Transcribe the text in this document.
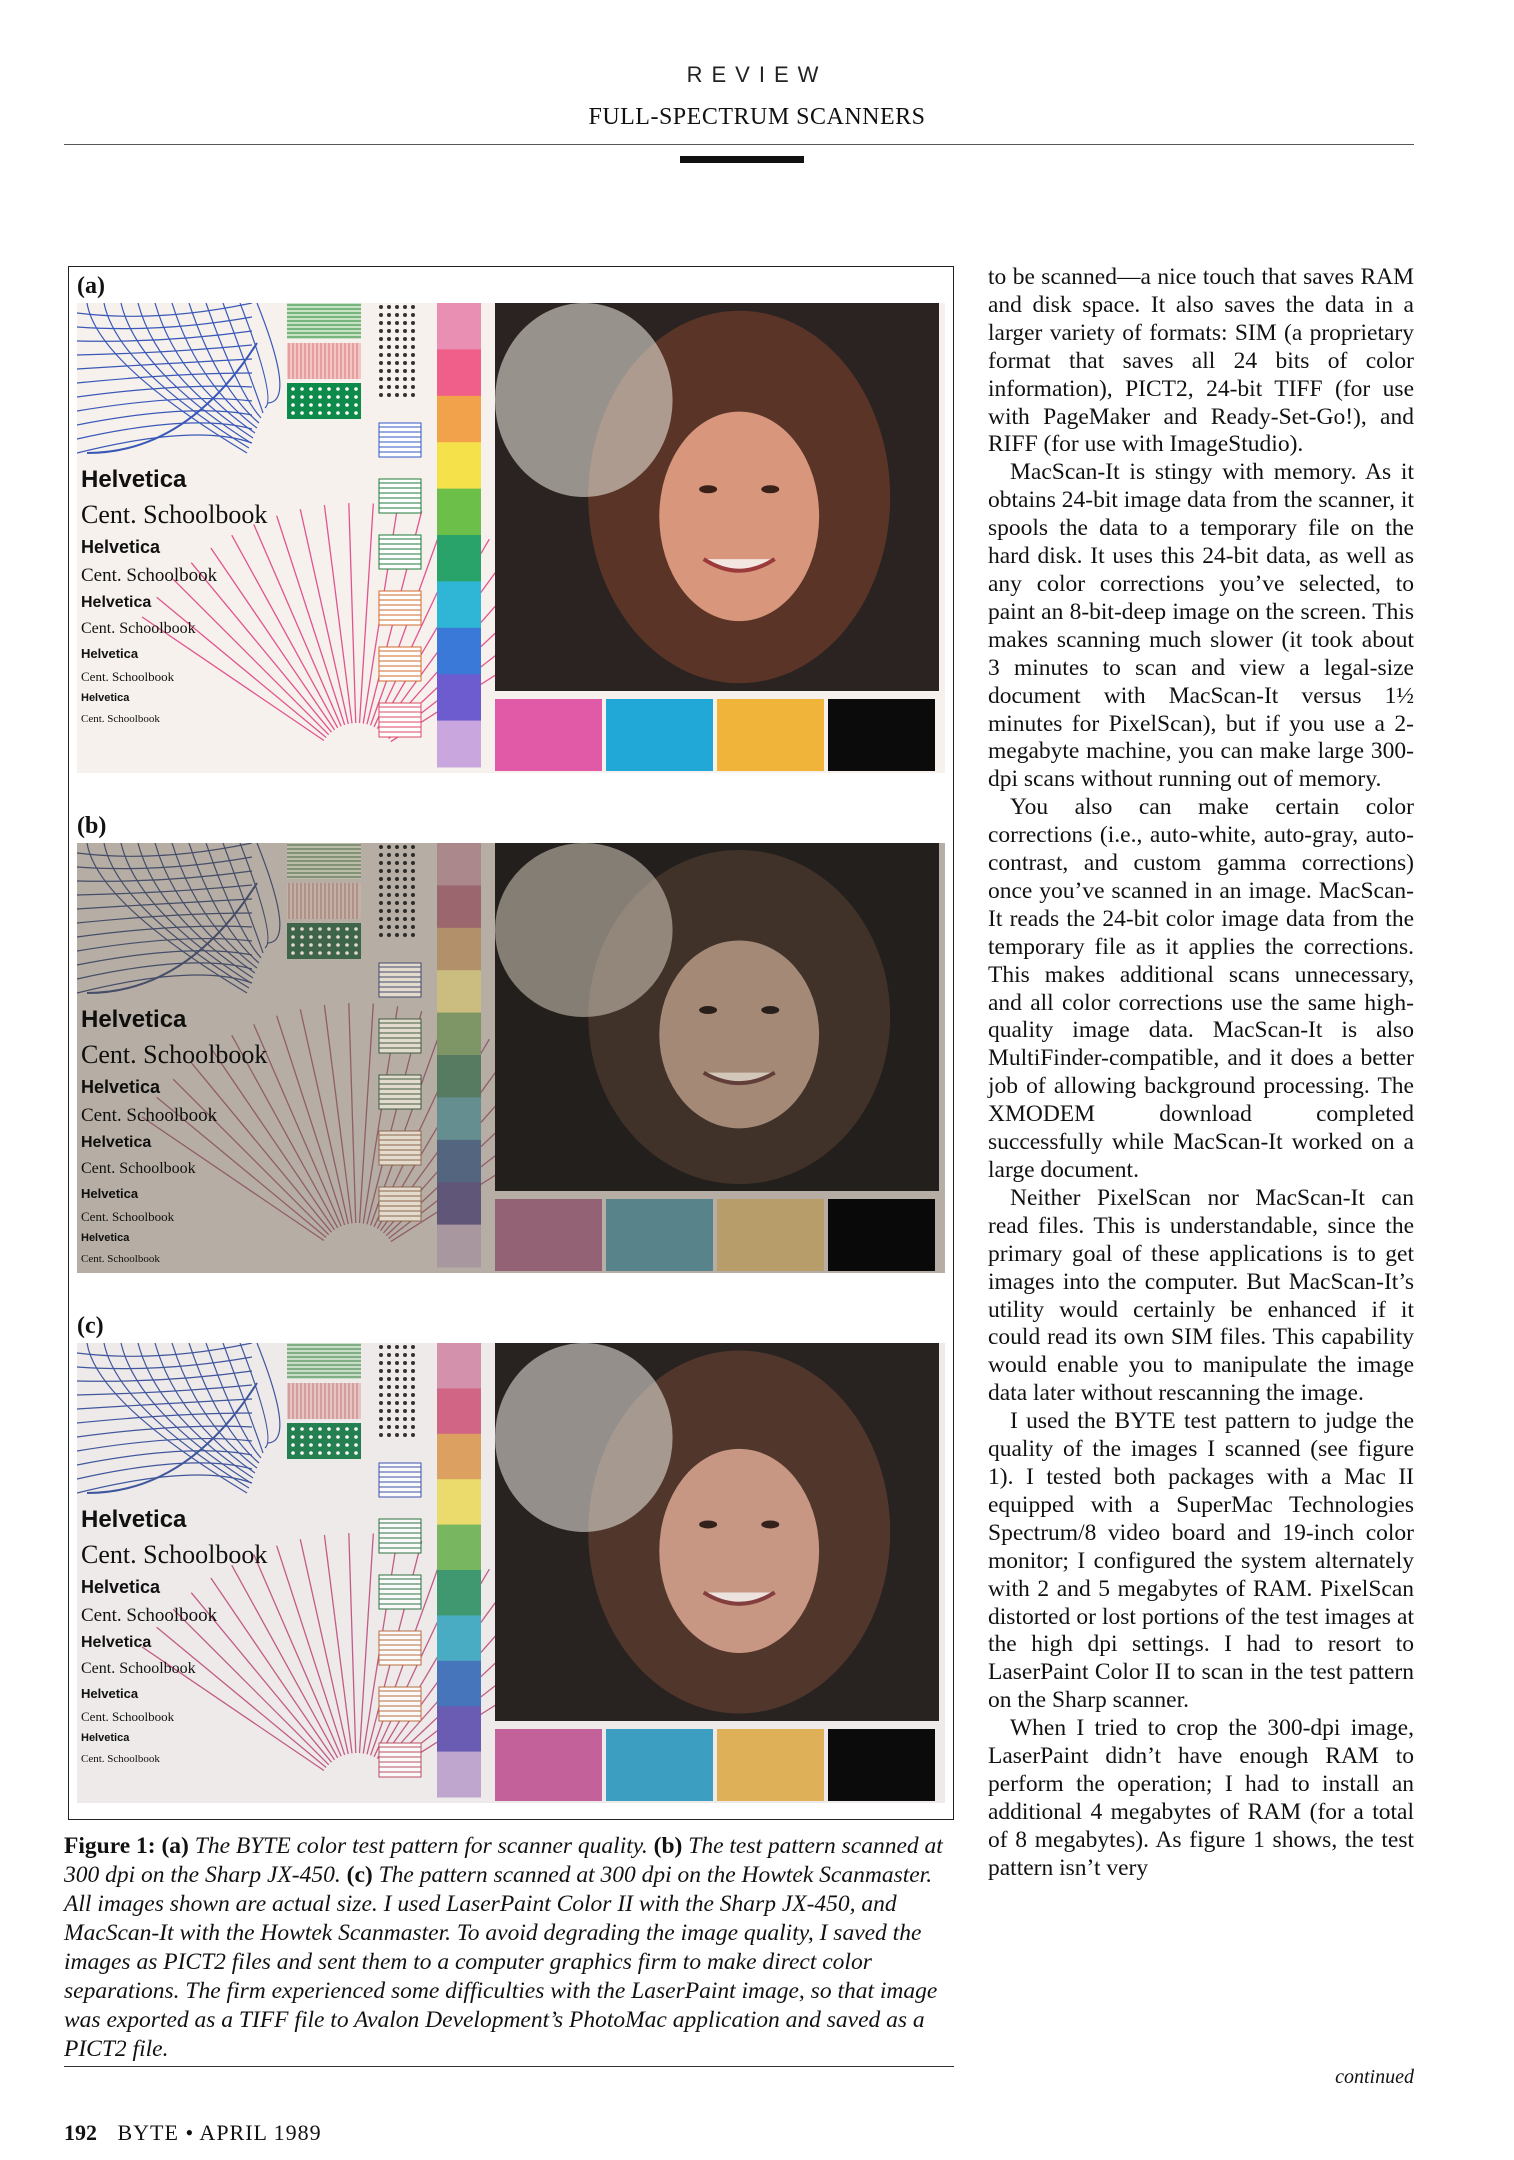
REVIEW
FULL-SPECTRUM SCANNERS
(a)
Helvetica
Cent. Schoolbook
Helvetica
Cent. Schoolbook
Helvetica
Cent. Schoolbook
Helvetica
Cent. Schoolbook
Helvetica
Cent. Schoolbook
(b)
Helvetica
Cent. Schoolbook
Helvetica
Cent. Schoolbook
Helvetica
Cent. Schoolbook
Helvetica
Cent. Schoolbook
Helvetica
Cent. Schoolbook
(c)
Helvetica
Cent. Schoolbook
Helvetica
Cent. Schoolbook
Helvetica
Cent. Schoolbook
Helvetica
Cent. Schoolbook
Helvetica
Cent. Schoolbook
Figure 1: (a) The BYTE color test pattern for scanner quality. (b) The test pattern scanned at 300 dpi on the Sharp JX-450. (c) The pattern scanned at 300 dpi on the Howtek Scanmaster. All images shown are actual size. I used LaserPaint Color II with the Sharp JX-450, and MacScan-It with the Howtek Scanmaster. To avoid degrading the image quality, I saved the images as PICT2 files and sent them to a computer graphics firm to make direct color separations. The firm experienced some difficulties with the LaserPaint image, so that image was exported as a TIFF file to Avalon Development’s PhotoMac application and saved as a PICT2 file.

to be scanned—a nice touch that saves RAM and disk space. It also saves the data in a larger variety of formats: SIM (a proprietary format that saves all 24 bits of color information), PICT2, 24-bit TIFF (for use with PageMaker and Ready-Set-Go!), and RIFF (for use with ImageStudio).

MacScan-It is stingy with memory. As it obtains 24-bit image data from the scanner, it spools the data to a temporary file on the hard disk. It uses this 24-bit data, as well as any color corrections you’ve selected, to paint an 8-bit-deep image on the screen. This makes scanning much slower (it took about 3 minutes to scan and view a legal-size document with MacScan-It versus 1½ minutes for PixelScan), but if you use a 2-megabyte machine, you can make large 300-dpi scans without running out of memory.

You also can make certain color corrections (i.e., auto-white, auto-gray, auto-contrast, and custom gamma corrections) once you’ve scanned in an image. MacScan-It reads the 24-bit color image data from the temporary file as it applies the corrections. This makes additional scans unnecessary, and all color corrections use the same high-quality image data. MacScan-It is also MultiFinder-compatible, and it does a better job of allowing background processing. The XMODEM download completed successfully while MacScan-It worked on a large document.

Neither PixelScan nor MacScan-It can read files. This is understandable, since the primary goal of these applications is to get images into the computer. But MacScan-It’s utility would certainly be enhanced if it could read its own SIM files. This capability would enable you to manipulate the image data later without rescanning the image.

I used the BYTE test pattern to judge the quality of the images I scanned (see figure 1). I tested both packages with a Mac II equipped with a SuperMac Technologies Spectrum/8 video board and 19-inch color monitor; I configured the system alternately with 2 and 5 megabytes of RAM. PixelScan distorted or lost portions of the test images at the high dpi settings. I had to resort to LaserPaint Color II to scan in the test pattern on the Sharp scanner.

When I tried to crop the 300-dpi image, LaserPaint didn’t have enough RAM to perform the operation; I had to install an additional 4 megabytes of RAM (for a total of 8 megabytes). As figure 1 shows, the test pattern isn’t very

continued
192 BYTE • APRIL 1989
